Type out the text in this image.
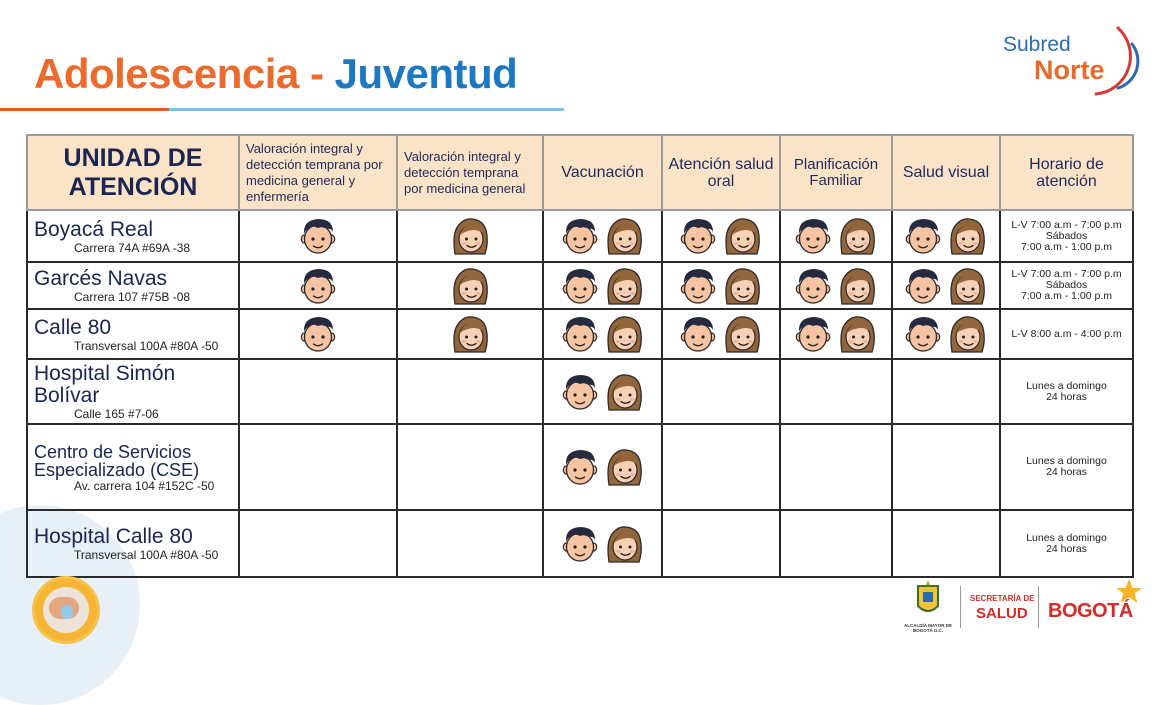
Adolescencia - Juventud
Subred
Norte
UNIDAD DE ATENCIÓN	Valoración integral y detección temprana por medicina general y enfermería	Valoración integral y detección temprana por medicina general	Vacunación	Atención salud oral	Planificación Familiar	Salud visual	Horario de atención

Boyacá Real
Carrera 74A #69A -38							L-V 7:00 a.m - 7:00 p.m
Sábados
7:00 a.m - 1:00 p.m

Garcés Navas
Carrera 107 #75B -08							L-V 7:00 a.m - 7:00 p.m
Sábados
7:00 a.m - 1:00 p.m

Calle 80
Transversal 100A #80A -50							L-V 8:00 a.m - 4:00 p.m

Hospital Simón Bolívar
Calle 165 #7-06							Lunes a domingo
24 horas

Centro de Servicios Especializado (CSE)
Av. carrera 104 #152C -50							Lunes a domingo
24 horas

Hospital Calle 80
Transversal 100A #80A -50							Lunes a domingo
24 horas
ALCALDÍA MAYOR DE BOGOTÁ D.C.
SECRETARÍA DE
SALUD BOGOTÁ
